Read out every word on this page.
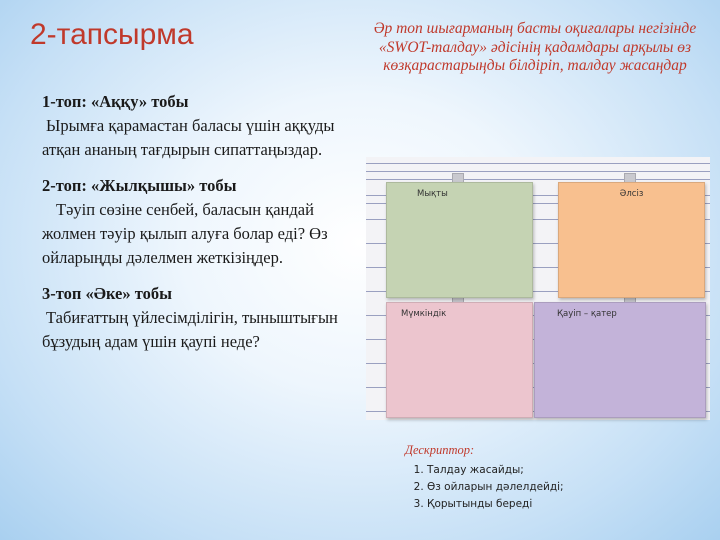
2-тапсырма	Әр топ шығарманың басты оқиғалары негізінде «SWOT-талдау» әдісінің қадамдары арқылы өз көзқарастарыңды білдіріп, талдау жасаңдар

1-топ: «Аққу» тобы

Ырымға қарамастан баласы үшін аққуды атқан ананың тағдырын сипаттаңыздар.

2-топ: «Жылқышы» тобы

Тәуіп сөзіне сенбей, баласын қандай жолмен тәуір қылып алуға болар еді? Өз ойларыңды дәлелмен жеткізіңдер.

3-топ «Әке» тобы

Табиғаттың үйлесімділігін, тыныштығын бұзудың адам үшін қаупі неде?

Мықты	Әлсіз
Мүмкіндік	Қауіп – қатер
Дескриптор:
1. Талдау жасайды;
2. Өз ойларын дәлелдейді;
3. Қорытынды береді
